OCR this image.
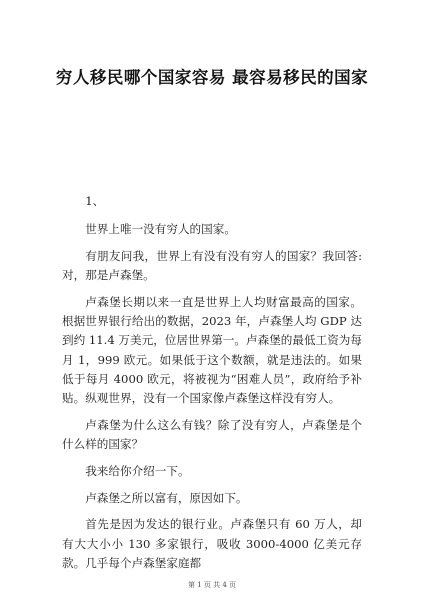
穷人移民哪个国家容易 最容易移民的国家

1、

世界上唯一没有穷人的国家。

有朋友问我，世界上有没有没有穷人的国家？我回答:对，那是卢森堡。

卢森堡长期以来一直是世界上人均财富最高的国家。根据世界银行给出的数据，2023 年，卢森堡人均 GDP 达到约 11.4 万美元，位居世界第一。卢森堡的最低工资为每月 1，999 欧元。如果低于这个数额，就是违法的。如果低于每月 4000 欧元，将被视为“困难人员”，政府给予补贴。纵观世界，没有一个国家像卢森堡这样没有穷人。

卢森堡为什么这么有钱？除了没有穷人，卢森堡是个什么样的国家？

我来给你介绍一下。

卢森堡之所以富有，原因如下。

首先是因为发达的银行业。卢森堡只有 60 万人，却有大大小小 130 多家银行，吸收 3000-4000 亿美元存款。几乎每个卢森堡家庭都

第 1 页 共 4 页
